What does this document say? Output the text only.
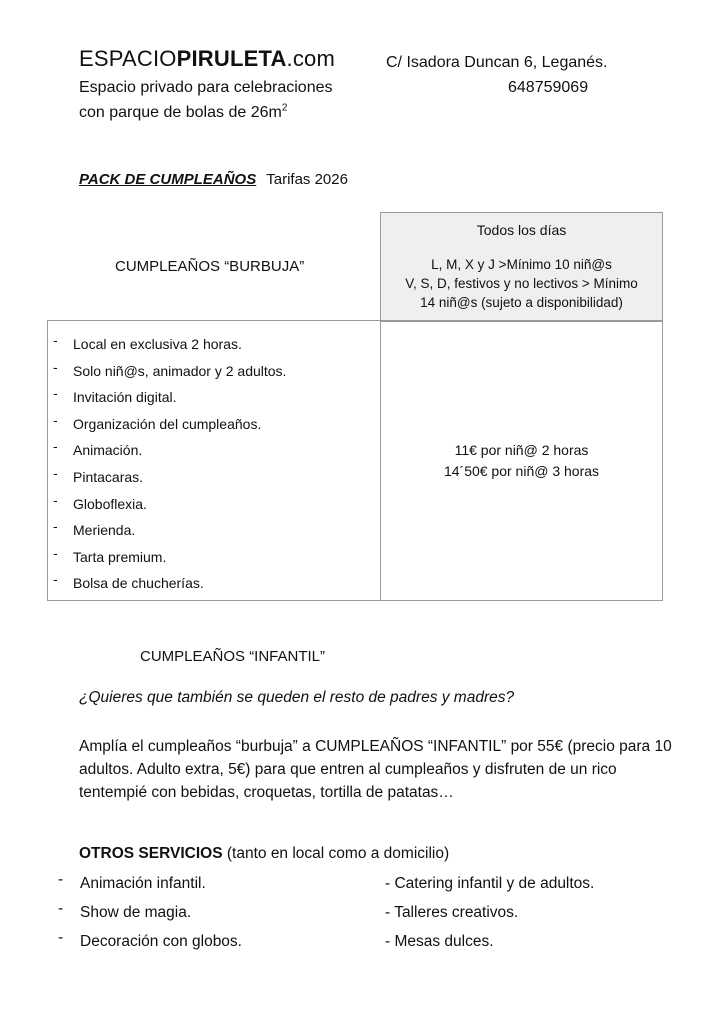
ESPACIOPIRULETA.com
Espacio privado para celebraciones
con parque de bolas de $26m^2$
C/ Isadora Duncan 6, Leganés.
648759069
PACK DE CUMPLEAÑOS Tarifas 2026
Todos los días
L, M, X y J >Mínimo 10 niñ@s
V, S, D, festivos y no lectivos > Mínimo
14 niñ@s (sujeto a disponibilidad)
CUMPLEAÑOS “BURBUJA”
11€ por niñ@ 2 horas
14´50€ por niñ@ 3 horas
- Local en exclusiva 2 horas.
- Solo niñ@s, animador y 2 adultos.
- Invitación digital.
- Organización del cumpleaños.
- Animación.
- Pintacaras.
- Globoflexia.
- Merienda.
- Tarta premium.
- Bolsa de chucherías.
CUMPLEAÑOS “INFANTIL”
¿Quieres que también se queden el resto de padres y madres?
Amplía el cumpleaños “burbuja” a CUMPLEAÑOS “INFANTIL” por 55€ (precio para 10 adultos. Adulto extra, 5€) para que entren al cumpleaños y disfruten de un rico tentempié con bebidas, croquetas, tortilla de patatas…
OTROS SERVICIOS (tanto en local como a domicilio)
- Animación infantil.
- Show de magia.
- Decoración con globos.
- Catering infantil y de adultos.
- Talleres creativos.
- Mesas dulces.
